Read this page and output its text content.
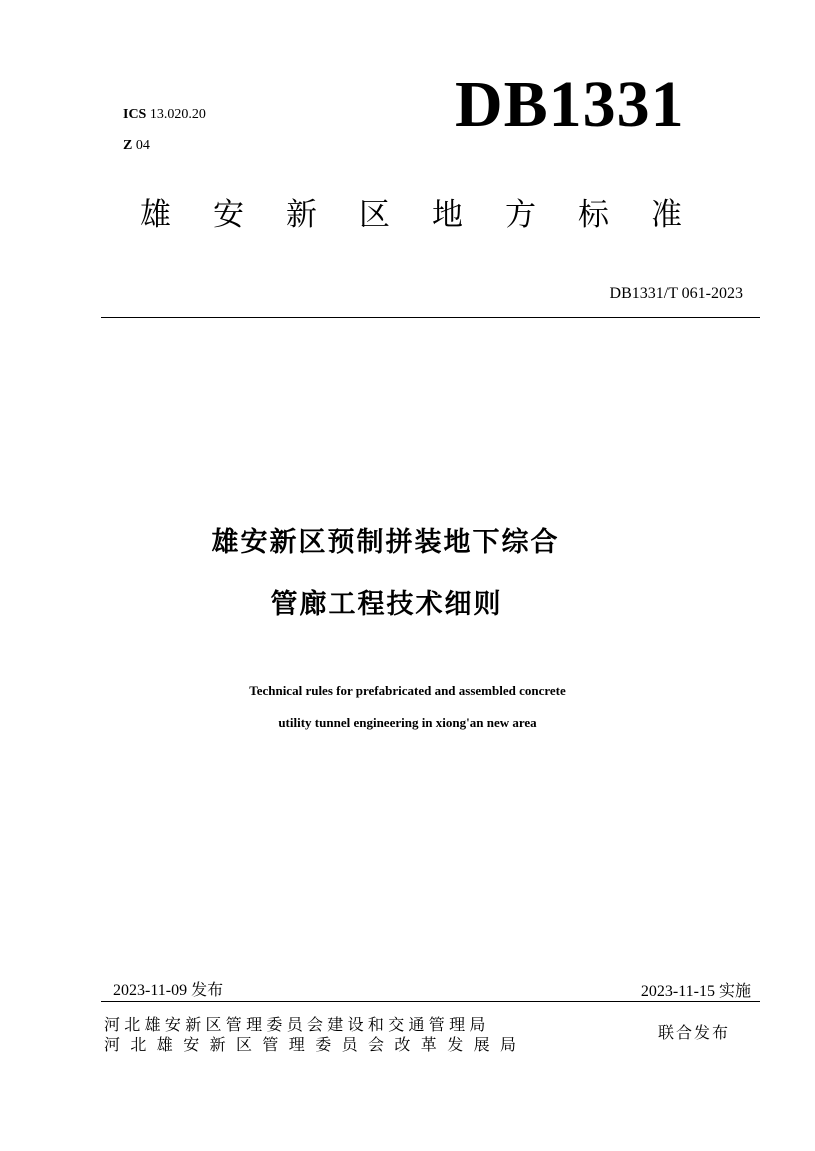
ICS 13.020.20
Z 04
DB1331
雄安新区地方标准
DB1331/T 061-2023
雄安新区预制拼装地下综合
管廊工程技术细则
Technical rules for prefabricated and assembled concrete
utility tunnel engineering in xiong'an new area
2023-11-09 发布	2023-11-15 实施
河北雄安新区管理委员会建设和交通管理局
河北雄安新区管理委员会改革发展局
联合发布
